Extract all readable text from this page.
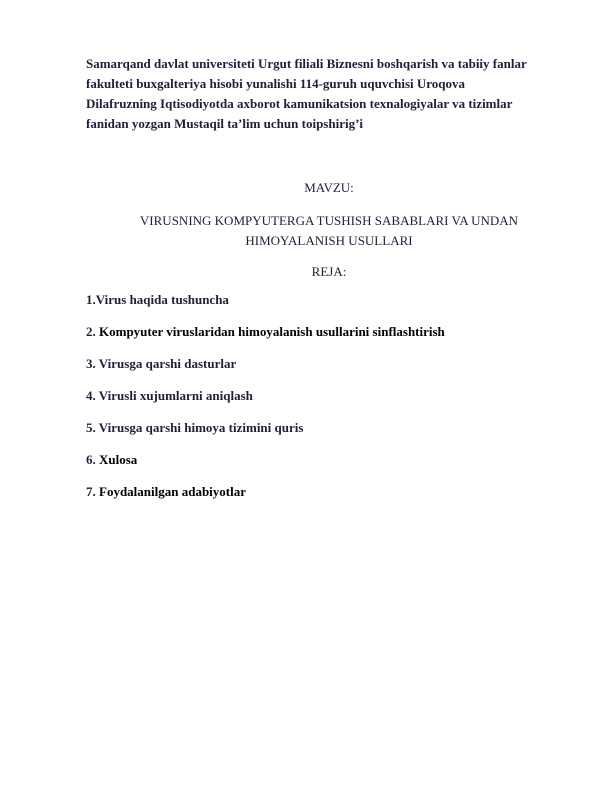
Samarqand davlat universiteti Urgut filiali Biznesni boshqarish va tabiiy fanlar
fakulteti buxgalteriya hisobi yunalishi 114-guruh uquvchisi Uroqova
Dilafruzning Iqtisodiyotda axborot kamunikatsion texnalogiyalar va tizimlar
fanidan yozgan Mustaqil ta’lim uchun toipshirig’i
MAVZU:
VIRUSNING KOMPYUTERGA TUSHISH SABABLARI VA UNDAN
HIMOYALANISH USULLARI
REJA:
1.Virus haqida tushuncha
2. Kompyuter viruslaridan himoyalanish usullarini sinflashtirish
3. Virusga qarshi dasturlar
4. Virusli xujumlarni aniqlash
5. Virusga qarshi himoya tizimini quris
6. Xulosa
7. Foydalanilgan adabiyotlar
